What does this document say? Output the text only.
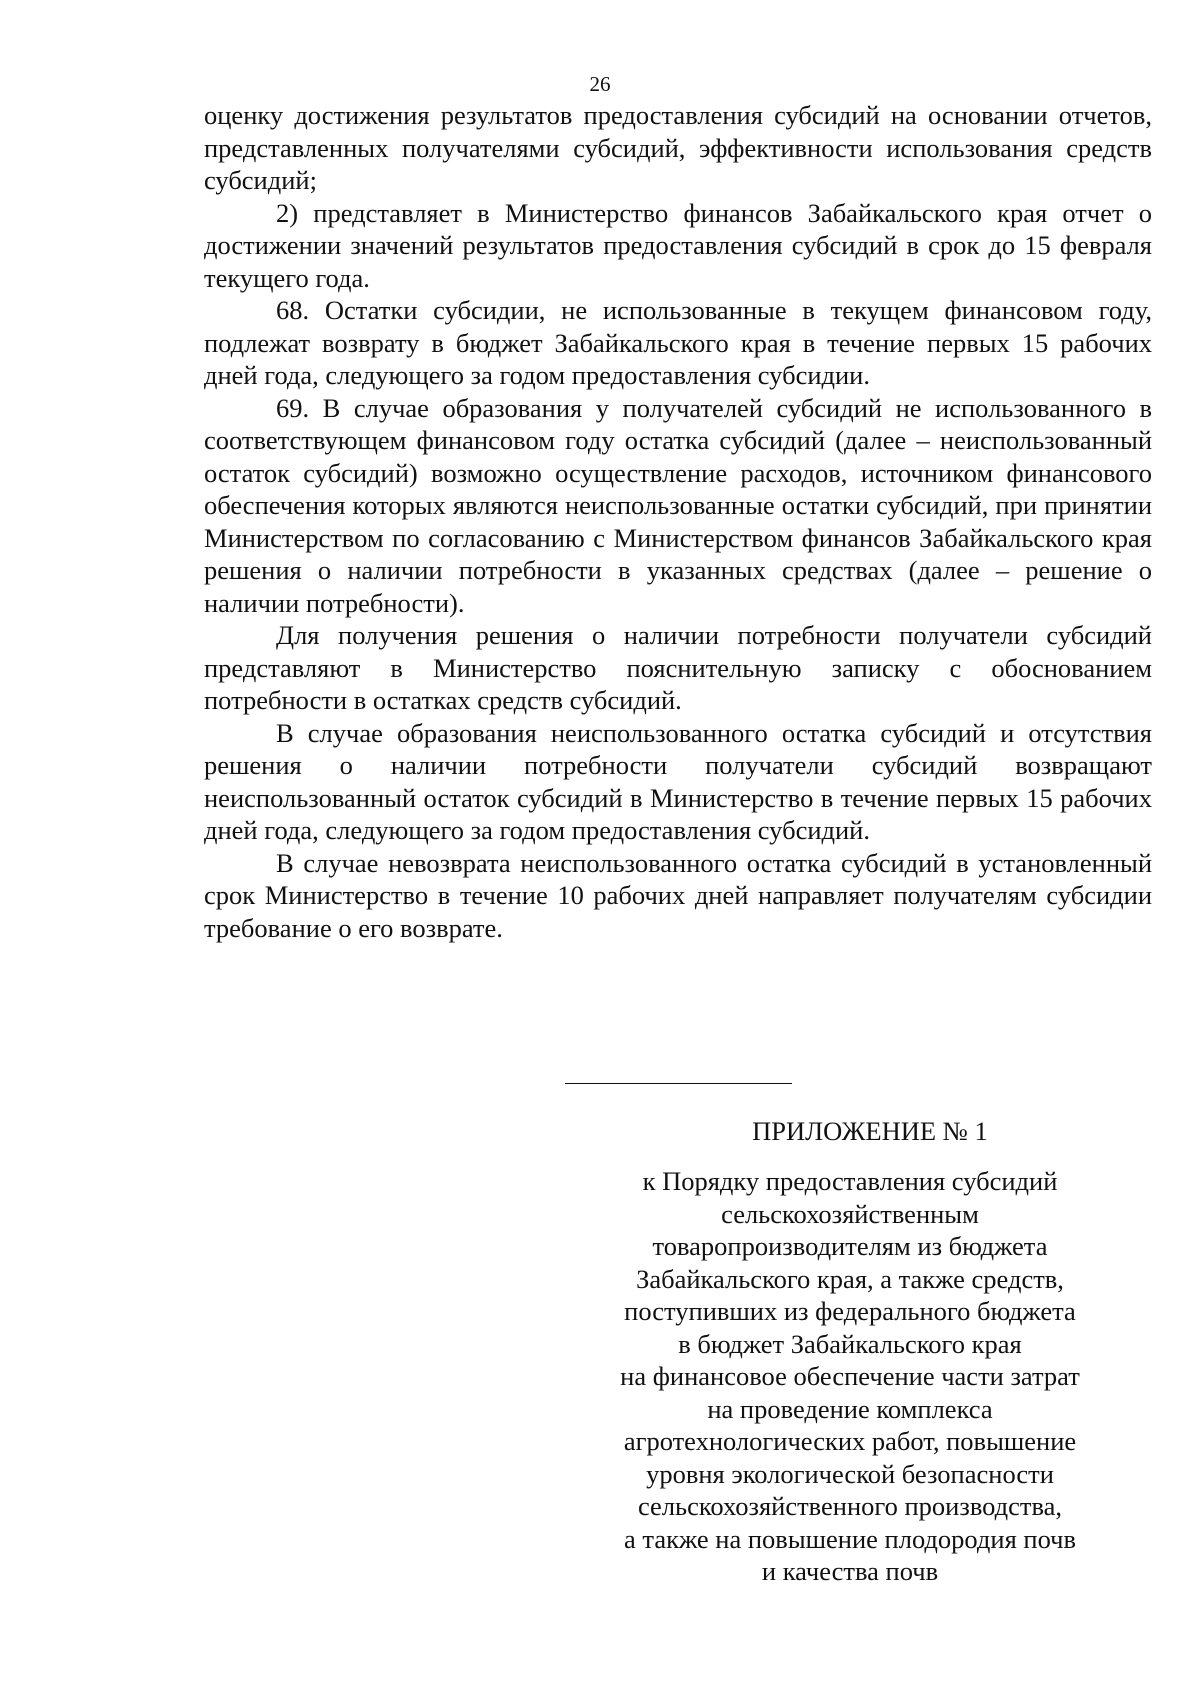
26

оценку достижения результатов предоставления субсидий на основании отчетов, представленных получателями субсидий, эффективности использования средств субсидий;

2) представляет в Министерство финансов Забайкальского края отчет о достижении значений результатов предоставления субсидий в срок до 15 февраля текущего года.

68. Остатки субсидии, не использованные в текущем финансовом году, подлежат возврату в бюджет Забайкальского края в течение первых 15 рабочих дней года, следующего за годом предоставления субсидии.

69. В случае образования у получателей субсидий не использованного в соответствующем финансовом году остатка субсидий (далее – неиспользованный остаток субсидий) возможно осуществление расходов, источником финансового обеспечения которых являются неиспользованные остатки субсидий, при принятии Министерством по согласованию с Министерством финансов Забайкальского края решения о наличии потребности в указанных средствах (далее – решение о наличии потребности).

Для получения решения о наличии потребности получатели субсидий представляют в Министерство пояснительную записку с обоснованием потребности в остатках средств субсидий.

В случае образования неиспользованного остатка субсидий и отсутствия решения о наличии потребности получатели субсидий возвращают неиспользованный остаток субсидий в Министерство в течение первых 15 рабочих дней года, следующего за годом предоставления субсидий.

В случае невозврата неиспользованного остатка субсидий в установленный срок Министерство в течение 10 рабочих дней направляет получателям субсидии требование о его возврате.

ПРИЛОЖЕНИЕ № 1
к Порядку предоставления субсидий
сельскохозяйственным
товаропроизводителям из бюджета
Забайкальского края, а также средств,
поступивших из федерального бюджета
в бюджет Забайкальского края
на финансовое обеспечение части затрат
на проведение комплекса
агротехнологических работ, повышение
уровня экологической безопасности
сельскохозяйственного производства,
а также на повышение плодородия почв
и качества почв
